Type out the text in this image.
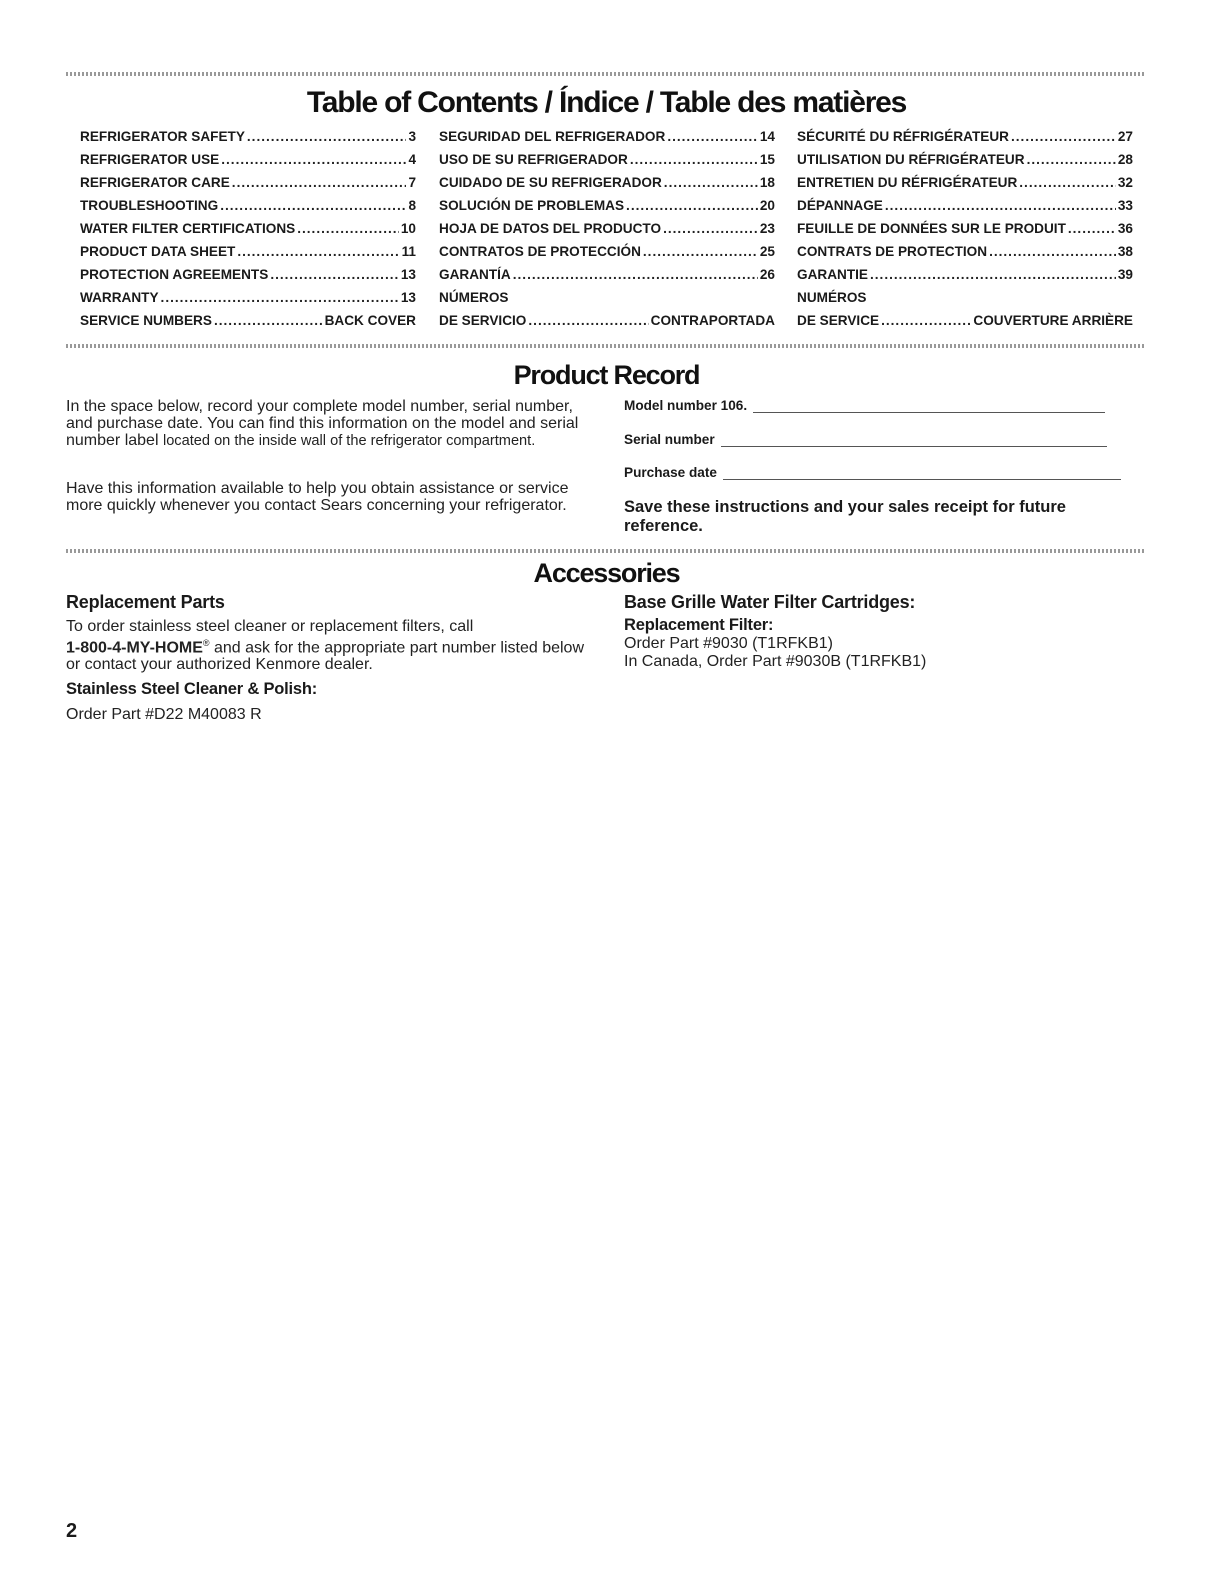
Table of Contents / Índice / Table des matières
REFRIGERATOR SAFETY .....	3
REFRIGERATOR USE .....	4
REFRIGERATOR CARE .....	7
TROUBLESHOOTING .....	8
WATER FILTER CERTIFICATIONS .....	10
PRODUCT DATA SHEET .....	11
PROTECTION AGREEMENTS .....	13
WARRANTY .....	13
SERVICE NUMBERS .....	BACK COVER
SEGURIDAD DEL REFRIGERADOR .....	14
USO DE SU REFRIGERADOR .....	15
CUIDADO DE SU REFRIGERADOR .....	18
SOLUCIÓN DE PROBLEMAS .....	20
HOJA DE DATOS DEL PRODUCTO .....	23
CONTRATOS DE PROTECCIÓN .....	25
GARANTÍA .....	26
NÚMEROS
DE SERVICIO .....	CONTRAPORTADA
SÉCURITÉ DU RÉFRIGÉRATEUR .....	27
UTILISATION DU RÉFRIGÉRATEUR .....	28
ENTRETIEN DU RÉFRIGÉRATEUR .....	32
DÉPANNAGE .....	33
FEUILLE DE DONNÉES SUR LE PRODUIT .....	36
CONTRATS DE PROTECTION .....	38
GARANTIE .....	39
NUMÉROS
DE SERVICE .....	COUVERTURE ARRIÈRE
Product Record
In the space below, record your complete model number, serial number, and purchase date. You can find this information on the model and serial number label located on the inside wall of the refrigerator compartment.
Have this information available to help you obtain assistance or service more quickly whenever you contact Sears concerning your refrigerator.
Model number 106.
Serial number
Purchase date
Save these instructions and your sales receipt for future reference.
Accessories
Replacement Parts
To order stainless steel cleaner or replacement filters, call
1-800-4-MY-HOME® and ask for the appropriate part number listed below or contact your authorized Kenmore dealer.
Stainless Steel Cleaner & Polish:
Order Part #D22 M40083 R
Base Grille Water Filter Cartridges:
Replacement Filter:
Order Part #9030 (T1RFKB1)
In Canada, Order Part #9030B (T1RFKB1)
2
